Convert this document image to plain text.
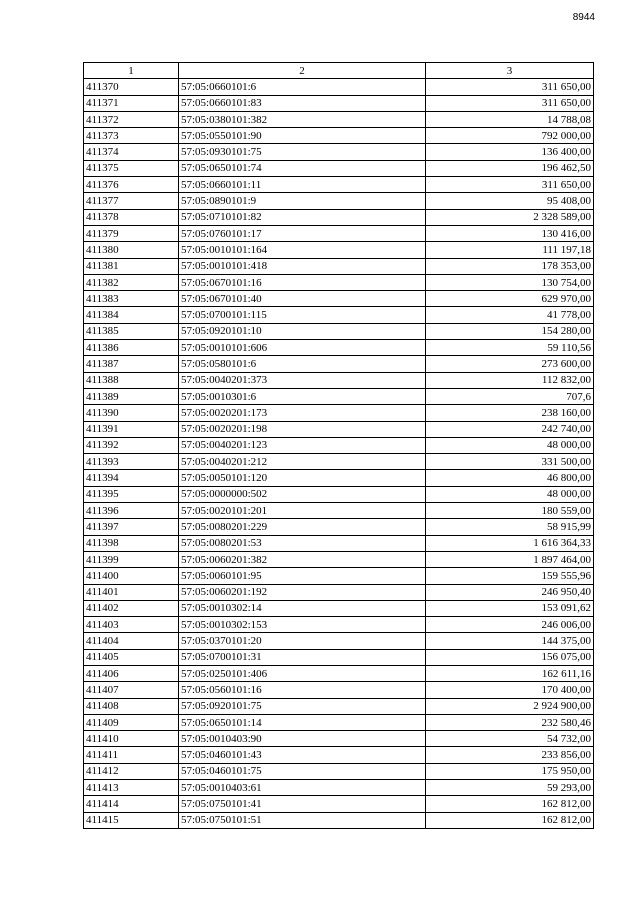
8944
1	2	3
411370	57:05:0660101:6	311 650,00
411371	57:05:0660101:83	311 650,00
411372	57:05:0380101:382	14 788,08
411373	57:05:0550101:90	792 000,00
411374	57:05:0930101:75	136 400,00
411375	57:05:0650101:74	196 462,50
411376	57:05:0660101:11	311 650,00
411377	57:05:0890101:9	95 408,00
411378	57:05:0710101:82	2 328 589,00
411379	57:05:0760101:17	130 416,00
411380	57:05:0010101:164	111 197,18
411381	57:05:0010101:418	178 353,00
411382	57:05:0670101:16	130 754,00
411383	57:05:0670101:40	629 970,00
411384	57:05:0700101:115	41 778,00
411385	57:05:0920101:10	154 280,00
411386	57:05:0010101:606	59 110,56
411387	57:05:0580101:6	273 600,00
411388	57:05:0040201:373	112 832,00
411389	57:05:0010301:6	707,6
411390	57:05:0020201:173	238 160,00
411391	57:05:0020201:198	242 740,00
411392	57:05:0040201:123	48 000,00
411393	57:05:0040201:212	331 500,00
411394	57:05:0050101:120	46 800,00
411395	57:05:0000000:502	48 000,00
411396	57:05:0020101:201	180 559,00
411397	57:05:0080201:229	58 915,99
411398	57:05:0080201:53	1 616 364,33
411399	57:05:0060201:382	1 897 464,00
411400	57:05:0060101:95	159 555,96
411401	57:05:0060201:192	246 950,40
411402	57:05:0010302:14	153 091,62
411403	57:05:0010302:153	246 006,00
411404	57:05:0370101:20	144 375,00
411405	57:05:0700101:31	156 075,00
411406	57:05:0250101:406	162 611,16
411407	57:05:0560101:16	170 400,00
411408	57:05:0920101:75	2 924 900,00
411409	57:05:0650101:14	232 580,46
411410	57:05:0010403:90	54 732,00
411411	57:05:0460101:43	233 856,00
411412	57:05:0460101:75	175 950,00
411413	57:05:0010403:61	59 293,00
411414	57:05:0750101:41	162 812,00
411415	57:05:0750101:51	162 812,00
